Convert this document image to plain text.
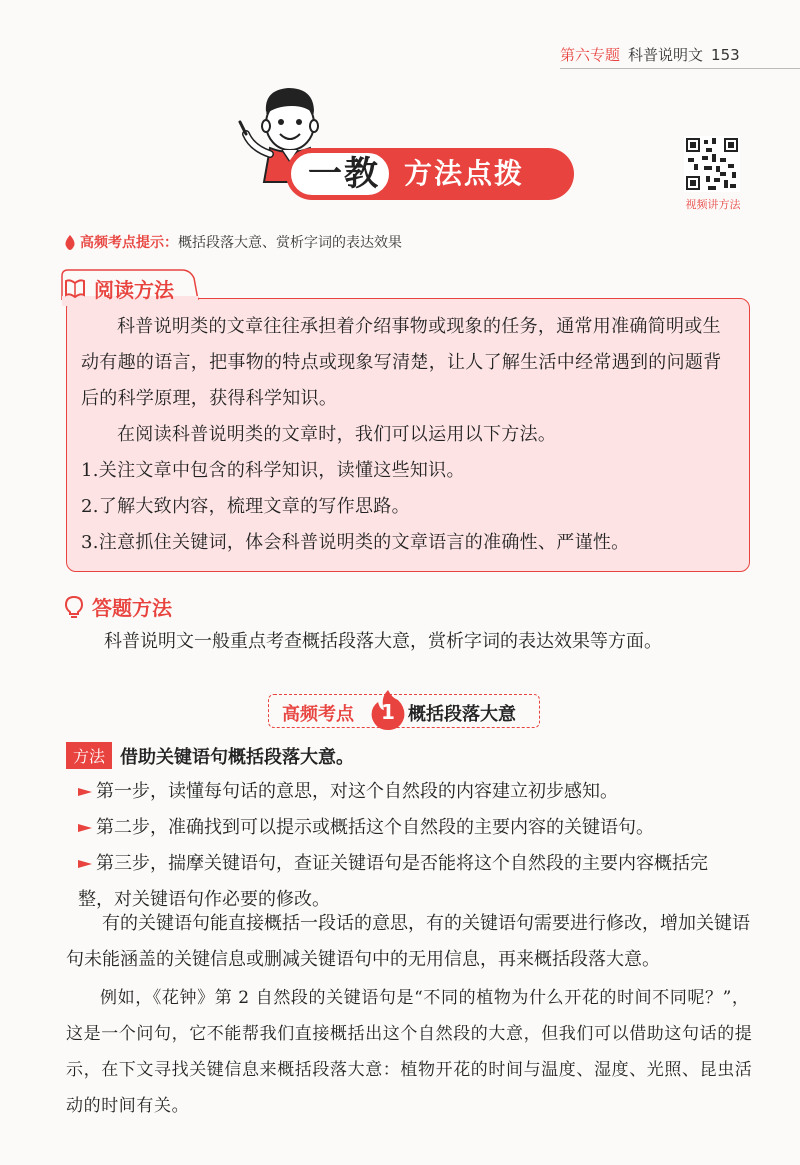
第六专题 科普说明文 153
一教 方法点拨
视频讲方法
高频考点提示： 概括段落大意、赏析字词的表达效果

科普说明类的文章往往承担着介绍事物或现象的任务，通常用准确简明或生动有趣的语言，把事物的特点或现象写清楚，让人了解生活中经常遇到的问题背后的科学原理，获得科学知识。

在阅读科普说明类的文章时，我们可以运用以下方法。

1.关注文章中包含的科学知识，读懂这些知识。

2.了解大致内容，梳理文章的写作思路。

3.注意抓住关键词，体会科普说明类的文章语言的准确性、严谨性。

阅读方法
答题方法

科普说明文一般重点考查概括段落大意，赏析字词的表达效果等方面。

高频考点	1 概括段落大意
方法 借助关键语句概括段落大意。
第一步，读懂每句话的意思，对这个自然段的内容建立初步感知。
第二步，准确找到可以提示或概括这个自然段的主要内容的关键语句。
第三步，揣摩关键语句，查证关键语句是否能将这个自然段的主要内容概括完
整，对关键语句作必要的修改。

有的关键语句能直接概括一段话的意思，有的关键语句需要进行修改，增加关键语句未能涵盖的关键信息或删减关键语句中的无用信息，再来概括段落大意。

例如，《花钟》第 2 自然段的关键语句是“不同的植物为什么开花的时间不同呢？”，这是一个问句，它不能帮我们直接概括出这个自然段的大意，但我们可以借助这句话的提示，在下文寻找关键信息来概括段落大意：植物开花的时间与温度、湿度、光照、昆虫活动的时间有关。
